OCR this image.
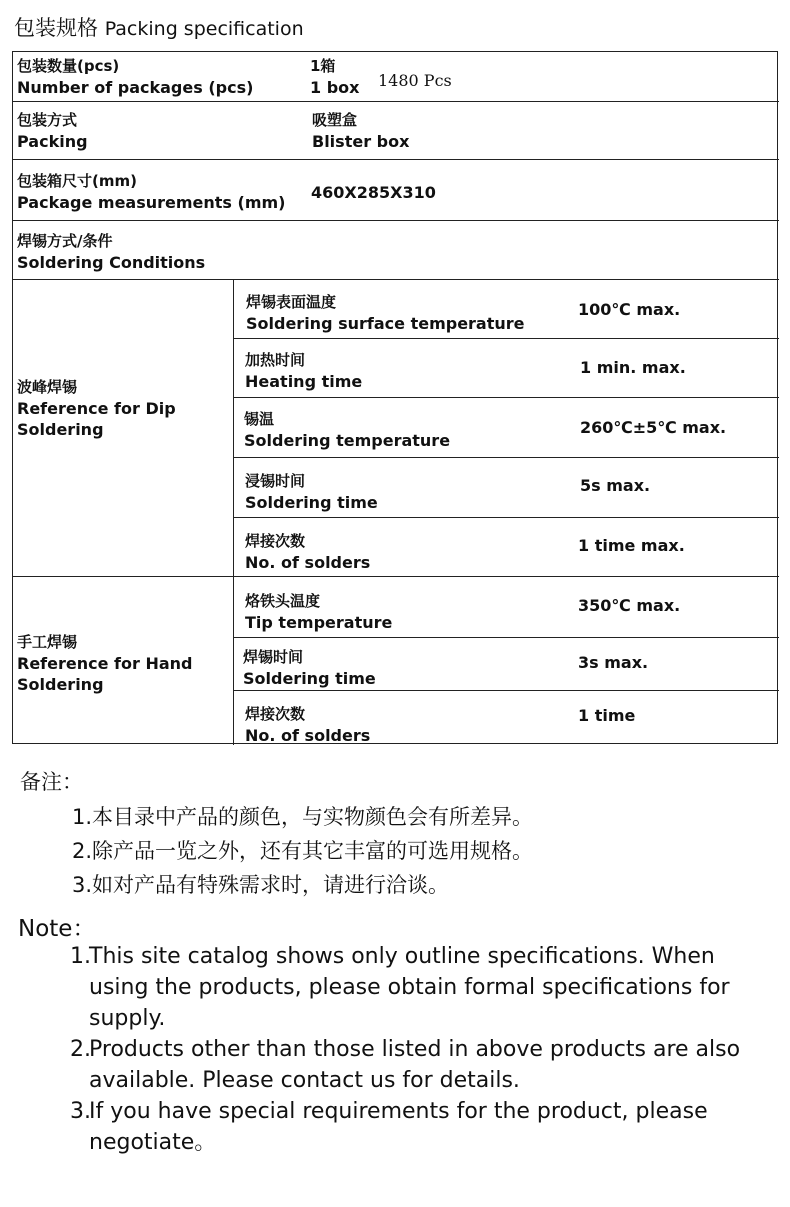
包装规格 Packing specification
包装数量(pcs)
Number of packages (pcs)
1箱
1 box 1480 Pcs
包装方式
Packing
吸塑盒
Blister box
包装箱尺寸(mm)
Package measurements (mm)
460X285X310
焊锡方式/条件
Soldering Conditions
波峰焊锡
Reference for Dip
Soldering
焊锡表面温度
Soldering surface temperature
100℃ max.
加热时间
Heating time
1 min. max.
锡温
Soldering temperature
260℃±5℃ max.
浸锡时间
Soldering time
5s max.
焊接次数
No. of solders
1 time max.
手工焊锡
Reference for Hand
Soldering
烙铁头温度
Tip temperature
350℃ max.
焊锡时间
Soldering time
3s max.
焊接次数
No. of solders
1 time
备注：
1.本目录中产品的颜色，与实物颜色会有所差异。
2.除产品一览之外，还有其它丰富的可选用规格。
3.如对产品有特殊需求时，请进行洽谈。
Note：
1.
This site catalog shows only outline specifications. When using the products, please obtain formal specifications for supply.
2.
Products other than those listed in above products are also available. Please contact us for details.
3.
If you have special requirements for the product, please negotiate。
